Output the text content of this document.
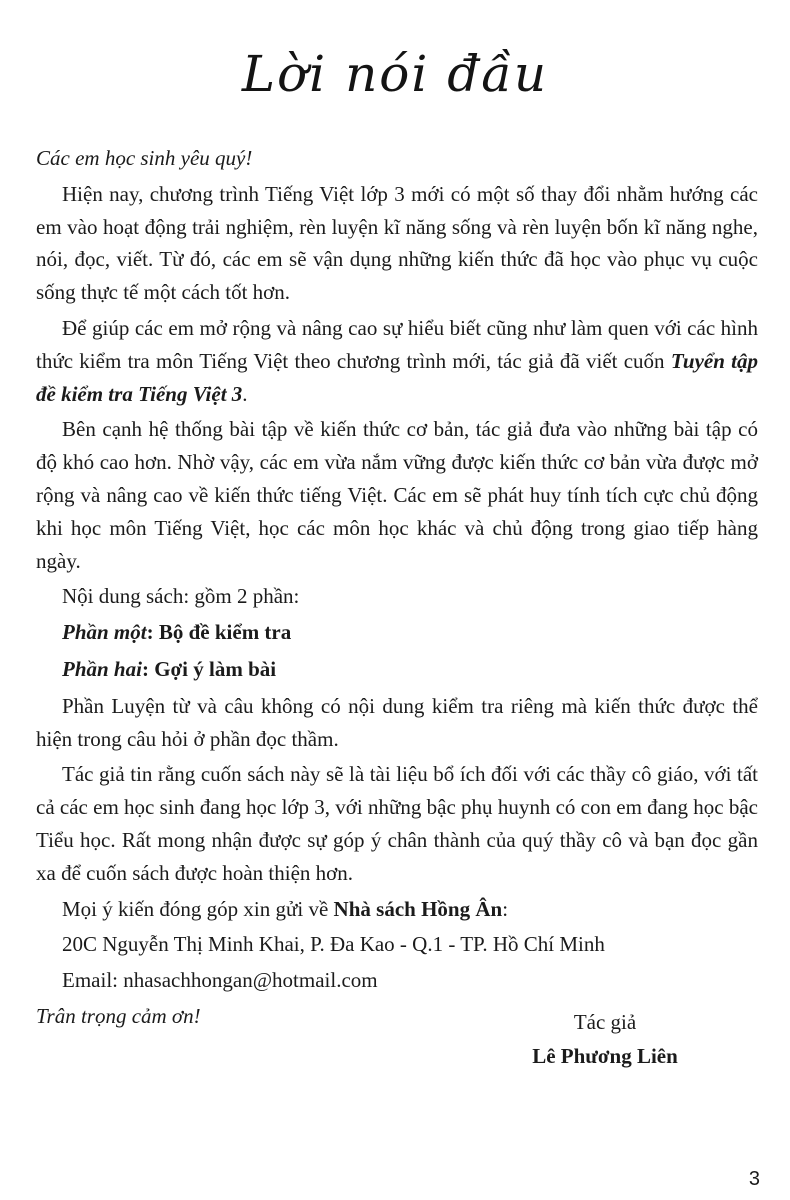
Lời nói đầu

Các em học sinh yêu quý!

Hiện nay, chương trình Tiếng Việt lớp 3 mới có một số thay đổi nhằm hướng các em vào hoạt động trải nghiệm, rèn luyện kĩ năng sống và rèn luyện bốn kĩ năng nghe, nói, đọc, viết. Từ đó, các em sẽ vận dụng những kiến thức đã học vào phục vụ cuộc sống thực tế một cách tốt hơn.

Để giúp các em mở rộng và nâng cao sự hiểu biết cũng như làm quen với các hình thức kiểm tra môn Tiếng Việt theo chương trình mới, tác giả đã viết cuốn Tuyển tập đề kiểm tra Tiếng Việt 3.

Bên cạnh hệ thống bài tập về kiến thức cơ bản, tác giả đưa vào những bài tập có độ khó cao hơn. Nhờ vậy, các em vừa nắm vững được kiến thức cơ bản vừa được mở rộng và nâng cao về kiến thức tiếng Việt. Các em sẽ phát huy tính tích cực chủ động khi học môn Tiếng Việt, học các môn học khác và chủ động trong giao tiếp hàng ngày.

Nội dung sách: gồm 2 phần:

Phần một: Bộ đề kiểm tra

Phần hai: Gợi ý làm bài

Phần Luyện từ và câu không có nội dung kiểm tra riêng mà kiến thức được thể hiện trong câu hỏi ở phần đọc thầm.

Tác giả tin rằng cuốn sách này sẽ là tài liệu bổ ích đối với các thầy cô giáo, với tất cả các em học sinh đang học lớp 3, với những bậc phụ huynh có con em đang học bậc Tiểu học. Rất mong nhận được sự góp ý chân thành của quý thầy cô và bạn đọc gần xa để cuốn sách được hoàn thiện hơn.

Mọi ý kiến đóng góp xin gửi về Nhà sách Hồng Ân:

20C Nguyễn Thị Minh Khai, P. Đa Kao - Q.1 - TP. Hồ Chí Minh

Email: nhasachhongan@hotmail.com

Trân trọng cảm ơn!	Tác giả
Lê Phương Liên
3
